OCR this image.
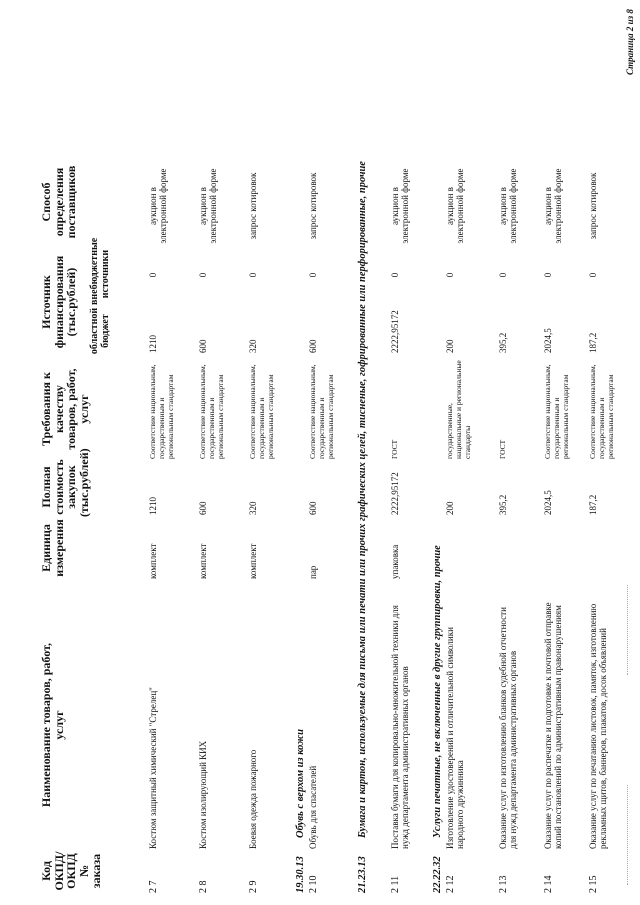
Код ОКПД/ ОКПД № заказа
Наименование товаров, работ, услуг
Единица измерения
Полная стоимость закупок (тыс.рублей)
Требования к качеству товаров, работ, услуг
Источник финансирования (тыс.рублей) областной бюджет
внебюджетные источники
Способ определения поставщиков
2 7
Костюм защитный химический "Стрелец"
комплект
1210
Соответствие национальным, государственным и региональным стандартам
1210
0
аукцион в электронной форме
2 8
Костюм изолирующий КИХ
комплект
600
Соответствие национальным, государственным и региональным стандартам
600
0
аукцион в электронной форме
2 9
Боевая одежда пожарного
комплект
320
Соответствие национальным, государственным и региональным стандартам
320
0
запрос котировок
19.30.13
Обувь с верхом из кожи
2 10
Обувь для спасателей
пар
600
Соответствие национальным, государственным и региональным стандартам
600
0
запрос котировок
21.23.13
Бумага и картон, используемые для письма или печати или прочих графических целей, тисненые, гофрированные или перфорированные, прочие
2 11
Поставка бумаги для копировально-множительной техники для нужд департамента административных органов
упаковка
2222,95172
ГОСТ
2222,95172
0
аукцион в электронной форме
22.22.32
Услуги печатные, не включенные в другие группировки, прочие
2 12
Изготовление удостоверений и отличительной символики народного дружинника
200
государственные, национальные и региональные стандарты
200
0
аукцион в электронной форме
2 13
Оказание услуг по изготовлению бланков судебной отчетности для нужд департамента административных органов
395,2
ГОСТ
395,2
0
аукцион в электронной форме
2 14
Оказание услуг по распечатке и подготовке к почтовой отправке копий постановлений по административным правонарушениям
2024,5
Соответствие национальным, государственным и региональным стандартам
2024,5
0
аукцион в электронной форме
2 15
Оказание услуг по печатанию листовок, памяток, изготовлению рекламных щитов, баннеров, плакатов, досок объявлений
187,2
Соответствие национальным, государственным и региональным стандартам
187,2
0
запрос котировок
Страница 2 из 8
